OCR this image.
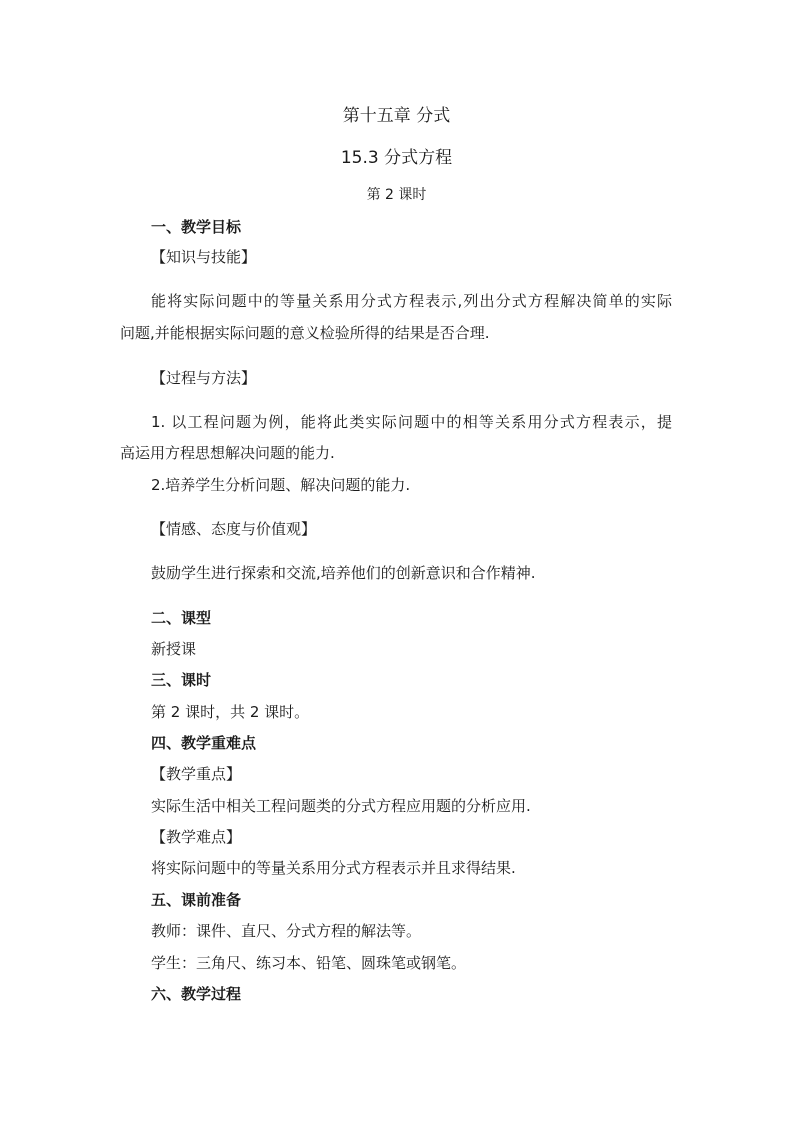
第十五章 分式
15.3 分式方程
第 2 课时
一、教学目标
【知识与技能】
能将实际问题中的等量关系用分式方程表示,列出分式方程解决简单的实际
问题,并能根据实际问题的意义检验所得的结果是否合理.
【过程与方法】
1. 以工程问题为例，能将此类实际问题中的相等关系用分式方程表示，提
高运用方程思想解决问题的能力.
2.培养学生分析问题、解决问题的能力.
【情感、态度与价值观】
鼓励学生进行探索和交流,培养他们的创新意识和合作精神.
二、课型
新授课
三、课时
第 2 课时，共 2 课时。
四、教学重难点
【教学重点】
实际生活中相关工程问题类的分式方程应用题的分析应用.
【教学难点】
将实际问题中的等量关系用分式方程表示并且求得结果.
五、课前准备
教师：课件、直尺、分式方程的解法等。
学生：三角尺、练习本、铅笔、圆珠笔或钢笔。
六、教学过程
